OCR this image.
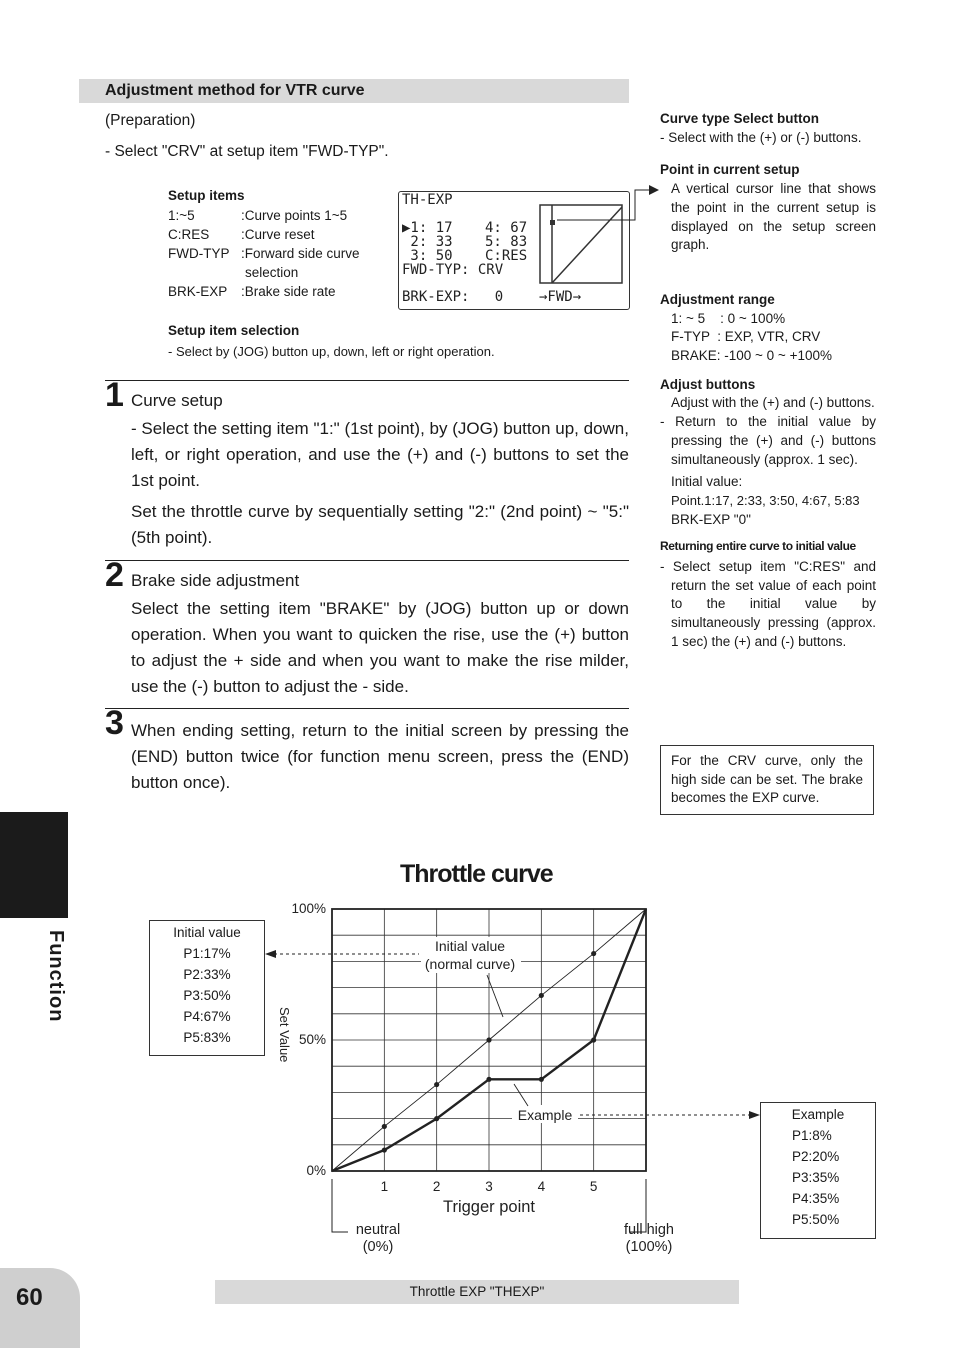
Adjustment method for VTR curve
(Preparation)
- Select "CRV" at setup item "FWD-TYP".
Setup items
1:~5	:Curve points 1~5
C:RES	:Curve reset
FWD-TYP :Forward side curve
selection
BRK-EXP	:Brake side rate
Setup item selection
- Select by (JOG) button up, down, left or right operation.
TH-EXP
▶1: 17 4: 67
2: 33 5: 83
3: 50 C:RES
FWD-TYP: CRV
BRK-EXP:   0	→FWD→
1 Curve setup
- Select the setting item "1:" (1st point), by (JOG) button up, down, left, or right operation, and use the (+) and (-) buttons to set the 1st point.
Set the throttle curve by sequentially setting "2:" (2nd point) ~ "5:" (5th point).
2 Brake side adjustment
Select the setting item "BRAKE" by (JOG) button up or down operation. When you want to quicken the rise, use the (+) button to adjust the + side and when you want to make the rise milder, use the (-) button to adjust the - side.
3 When ending setting, return to the initial screen by pressing the (END) button twice (for function menu screen, press the (END) button once).

Curve type Select button

- Select with the (+) or (-) buttons.

Point in current setup

A vertical cursor line that shows the point in the current setup is displayed on the setup screen graph.

Adjustment range

1: ~ 5    : 0 ~ 100%

F-TYP  : EXP, VTR, CRV

BRAKE: -100 ~ 0 ~ +100%

Adjust buttons

Adjust with the (+) and (-) buttons.

- Return to the initial value by pressing the (+) and (-) buttons simultaneously (approx. 1 sec).

Initial value:

Point.1:17, 2:33, 3:50, 4:67, 5:83

BRK-EXP "0"

Returning entire curve to initial value

- Select setup item "C:RES" and return the set value of each point to the initial value by simultaneously pressing (approx. 1 sec) the (+) and (-) buttons.

For the CRV curve, only the high side can be set. The brake becomes the EXP curve.
Function
60	Throttle EXP "THEXP"
Throttle curve
Initial value
P1:17%
P2:33%
P3:50%
P4:67%
P5:83%
Example
P1:8%
P2:20%
P3:35%
P4:35%
P5:50%
0%
50%
100%
1	2	3	4	5
Trigger point
Set Value
neutral
(0%)
full high
(100%)
Initial value
(normal curve)
Example
